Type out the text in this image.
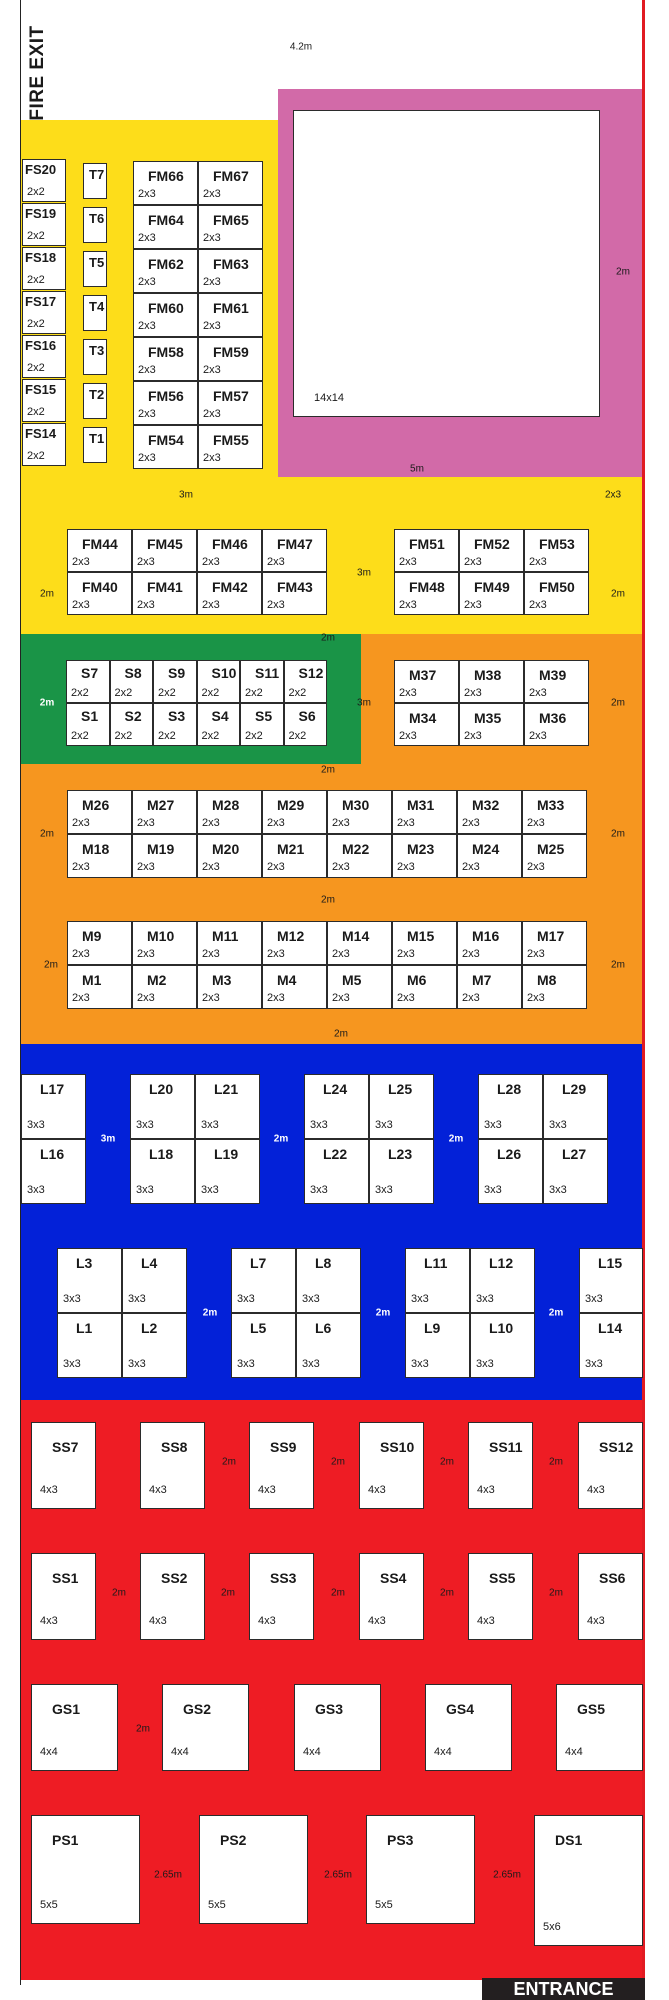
14x14
FIRE EXIT
ENTRANCE
FS20
2x2
FS19
2x2
FS18
2x2
FS17
2x2
FS16
2x2
FS15
2x2
FS14
2x2
T7
T6
T5
T4
T3
T2
T1
FM66
2x3
FM67
2x3
FM64
2x3
FM65
2x3
FM62
2x3
FM63
2x3
FM60
2x3
FM61
2x3
FM58
2x3
FM59
2x3
FM56
2x3
FM57
2x3
FM54
2x3
FM55
2x3
FM44
2x3
FM45
2x3
FM46
2x3
FM47
2x3
FM40
2x3
FM41
2x3
FM42
2x3
FM43
2x3
FM51
2x3
FM52
2x3
FM53
2x3
FM48
2x3
FM49
2x3
FM50
2x3
S7
2x2
S8
2x2
S9
2x2
S10
2x2
S11
2x2
S12
2x2
S1
2x2
S2
2x2
S3
2x2
S4
2x2
S5
2x2
S6
2x2
M37
2x3
M38
2x3
M39
2x3
M34
2x3
M35
2x3
M36
2x3
M26
2x3
M27
2x3
M28
2x3
M29
2x3
M30
2x3
M31
2x3
M32
2x3
M33
2x3
M18
2x3
M19
2x3
M20
2x3
M21
2x3
M22
2x3
M23
2x3
M24
2x3
M25
2x3
M9
2x3
M10
2x3
M11
2x3
M12
2x3
M14
2x3
M15
2x3
M16
2x3
M17
2x3
M1
2x3
M2
2x3
M3
2x3
M4
2x3
M5
2x3
M6
2x3
M7
2x3
M8
2x3
L17
3x3
L16
3x3
L20
3x3
L21
3x3
L18
3x3
L19
3x3
L24
3x3
L25
3x3
L22
3x3
L23
3x3
L28
3x3
L29
3x3
L26
3x3
L27
3x3
L3
3x3
L4
3x3
L1
3x3
L2
3x3
L7
3x3
L8
3x3
L5
3x3
L6
3x3
L11
3x3
L12
3x3
L9
3x3
L10
3x3
L15
3x3
L14
3x3
SS7
4x3
SS8
4x3
SS9
4x3
SS10
4x3
SS11
4x3
SS12
4x3
SS1
4x3
SS2
4x3
SS3
4x3
SS4
4x3
SS5
4x3
SS6
4x3
GS1
4x4
GS2
4x4
GS3
4x4
GS4
4x4
GS5
4x4
PS1
5x5
PS2
5x5
PS3
5x5
DS1
5x6
4.2m
2m
5m
3m	2x3
2m
3m
2m
2m
2m	3m	2m
2m
2m	2m
2m
2m	2m
2m
3m	2m	2m
2m	2m	2m
2m	2m	2m	2m
2m	2m	2m	2m	2m
2m
2.65m	2.65m	2.65m
